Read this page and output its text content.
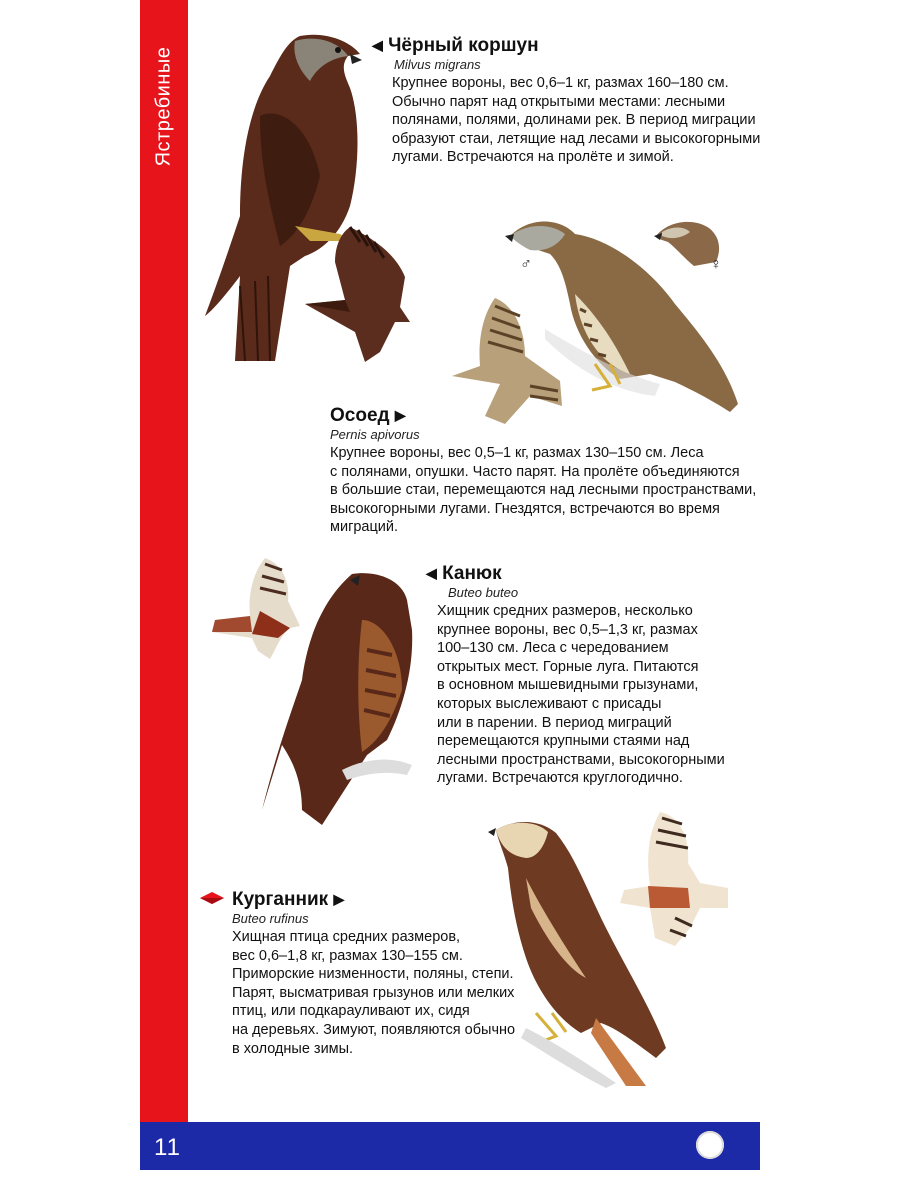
Ястребиные
11
♂	♀
◀ Чёрный коршун
Milvus migrans

Крупнее вороны, вес 0,6–1 кг, размах 160–180 см.
Обычно парят над открытыми местами: лесными
полянами, полями, долинами рек. В период миграции
образуют стаи, летящие над лесами и высокогорными
лугами. Встречаются на пролёте и зимой.

Осоед ▶
Pernis apivorus

Крупнее вороны, вес 0,5–1 кг, размах 130–150 см. Леса
с полянами, опушки. Часто парят. На пролёте объединяются
в большие стаи, перемещаются над лесными пространствами,
высокогорными лугами. Гнездятся, встречаются во время
миграций.

◀ Канюк
Buteo buteo

Хищник средних размеров, несколько
крупнее вороны, вес 0,5–1,3 кг, размах
100–130 см. Леса с чередованием
открытых мест. Горные луга. Питаются
в основном мышевидными грызунами,
которых выслеживают с присады
или в парении. В период миграций
перемещаются крупными стаями над
лесными пространствами, высокогорными
лугами. Встречаются круглогодично.

Курганник ▶
Buteo rufinus

Хищная птица средних размеров,
вес 0,6–1,8 кг, размах 130–155 см.
Приморские низменности, поляны, степи.
Парят, высматривая грызунов или мелких
птиц, или подкарауливают их, сидя
на деревьях. Зимуют, появляются обычно
в холодные зимы.
